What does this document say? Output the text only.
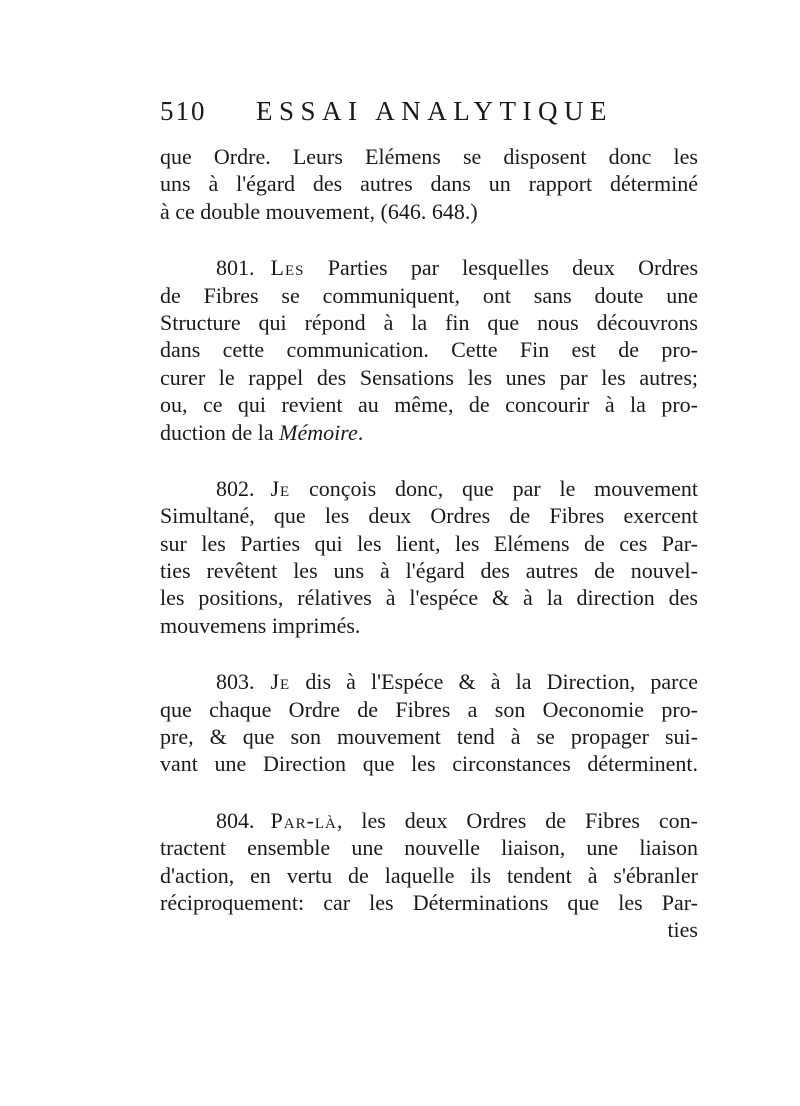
510 ESSAI ANALYTIQUE
que Ordre. Leurs Elémens se disposent donc les
uns à l'égard des autres dans un rapport déterminé
à ce double mouvement, (646. 648.)
801. Les Parties par lesquelles deux Ordres
de Fibres se communiquent, ont sans doute une
Structure qui répond à la fin que nous découvrons
dans cette communication. Cette Fin est de pro-
curer le rappel des Sensations les unes par les autres;
ou, ce qui revient au même, de concourir à la pro-
duction de la Mémoire.
802. Je conçois donc, que par le mouvement
Simultané, que les deux Ordres de Fibres exercent
sur les Parties qui les lient, les Elémens de ces Par-
ties revêtent les uns à l'égard des autres de nouvel-
les positions, rélatives à l'espéce & à la direction des
mouvemens imprimés.
803. Je dis à l'Espéce & à la Direction, parce
que chaque Ordre de Fibres a son Oeconomie pro-
pre, & que son mouvement tend à se propager sui-
vant une Direction que les circonstances déterminent.
804. Par-là, les deux Ordres de Fibres con-
tractent ensemble une nouvelle liaison, une liaison
d'action, en vertu de laquelle ils tendent à s'ébranler
réciproquement: car les Déterminations que les Par-
ties
